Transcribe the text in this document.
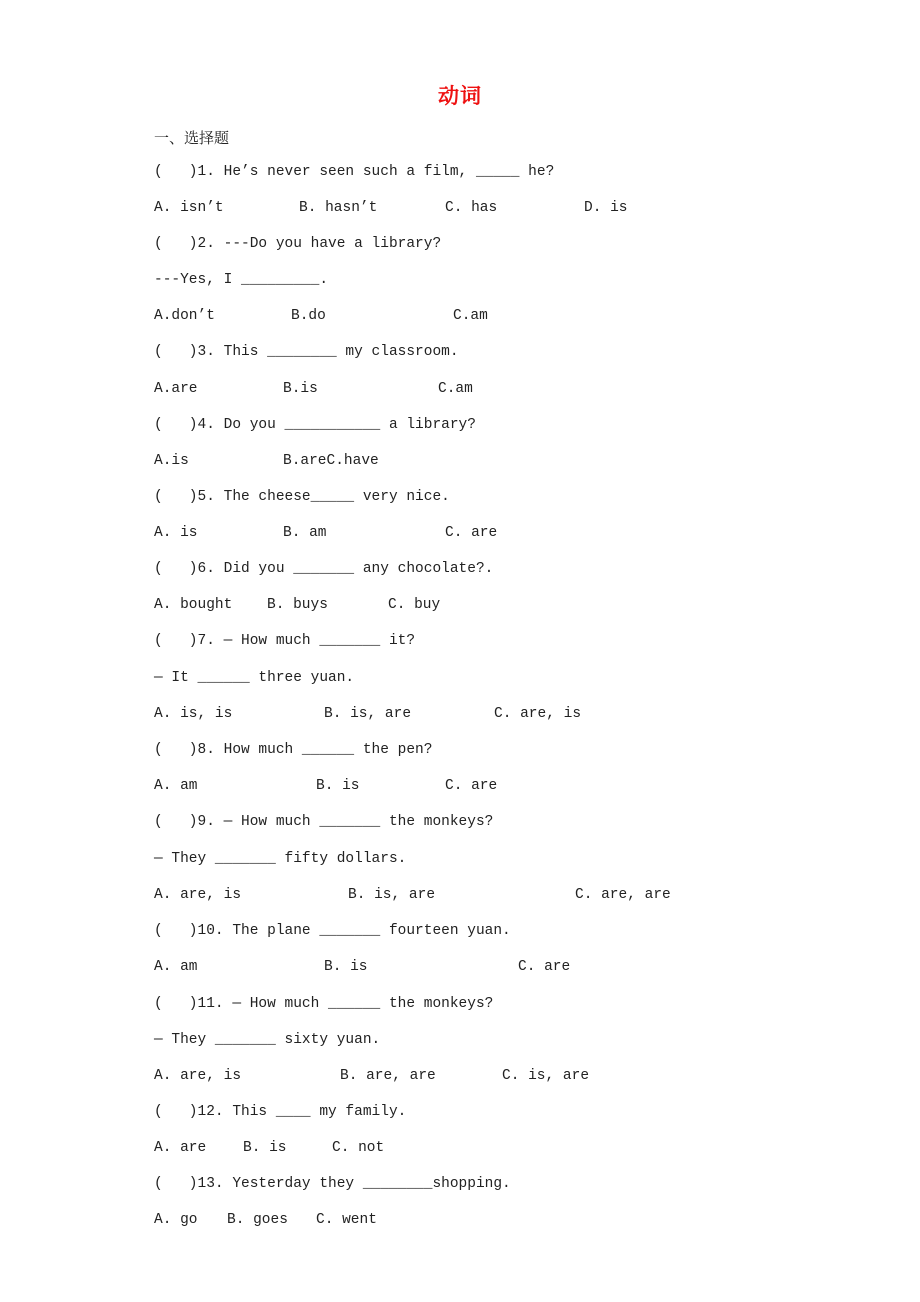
动词
一、选择题
(   )1. He’s never seen such a film, _____ he?
A. isn’t	B. hasn’t	C. has	D. is
(   )2. ---Do you have a library?
---Yes, I _________.
A.don’t	B.do	C.am
(   )3. This ________ my classroom.
A.are	B.is	C.am
(   )4. Do you ___________ a library?
A.is	B.areC.have
(   )5. The cheese_____ very nice.
A. is	B. am	C. are
(   )6. Did you _______ any chocolate?.
A. bought B. buys	C. buy
(   )7. — How much _______ it?
— It ______ three yuan.
A. is, is	B. is, are	C. are, is
(   )8. How much ______ the pen?
A. am	B. is	C. are
(   )9. — How much _______ the monkeys?
— They _______ fifty dollars.
A. are, is	B. is, are	C. are, are
(   )10. The plane _______ fourteen yuan.
A. am	B. is	C. are
(   )11. — How much ______ the monkeys?
— They _______ sixty yuan.
A. are, is	B. are, are	C. is, are
(   )12. This ____ my family.
A. are	B. is	C. not
(   )13. Yesterday they ________shopping.
A. go B. goes C. went
